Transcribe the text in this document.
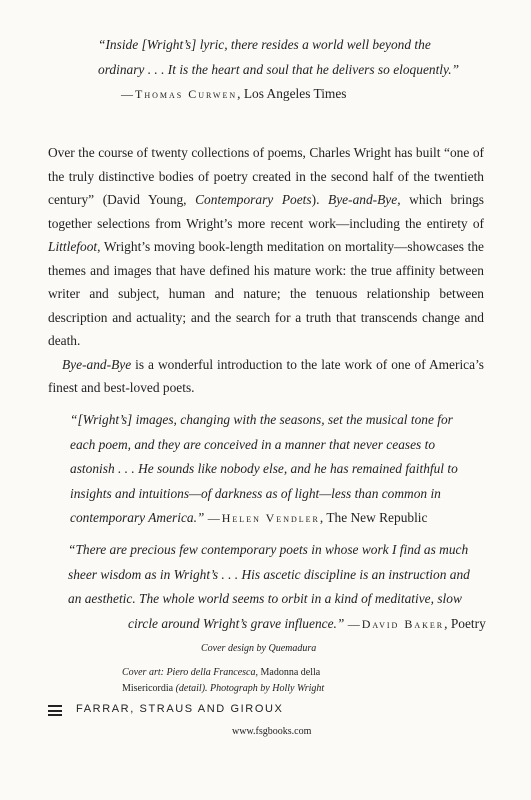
“Inside [Wright’s] lyric, there resides a world well beyond the

ordinary . . . It is the heart and soul that he delivers so eloquently.”

—Thomas Curwen, Los Angeles Times

Over the course of twenty collections of poems, Charles Wright has built “one of the truly distinctive bodies of poetry created in the second half of the twentieth century” (David Young, Contemporary Poets). Bye-and-Bye, which brings together selections from Wright’s more recent work—including the entirety of Littlefoot, Wright’s moving book-length meditation on mortality—showcases the themes and images that have defined his mature work: the true affinity between writer and subject, human and nature; the tenuous relationship between description and actuality; and the search for a truth that transcends change and death.

Bye-and-Bye is a wonderful introduction to the late work of one of America’s finest and best-loved poets.

“[Wright’s] images, changing with the seasons, set the musical tone for

each poem, and they are conceived in a manner that never ceases to

astonish . . . He sounds like nobody else, and he has remained faithful to

insights and intuitions—of darkness as of light—less than common in

contemporary America.” —Helen Vendler, The New Republic

“There are precious few contemporary poets in whose work I find as much

sheer wisdom as in Wright’s . . . His ascetic discipline is an instruction and

an aesthetic. The whole world seems to orbit in a kind of meditative, slow

circle around Wright’s grave influence.” —David Baker, Poetry

Cover design by Quemadura
Cover art: Piero della Francesca, Madonna della
Misericordia (detail). Photograph by Holly Wright
FARRAR, STRAUS AND GIROUX
www.fsgbooks.com
